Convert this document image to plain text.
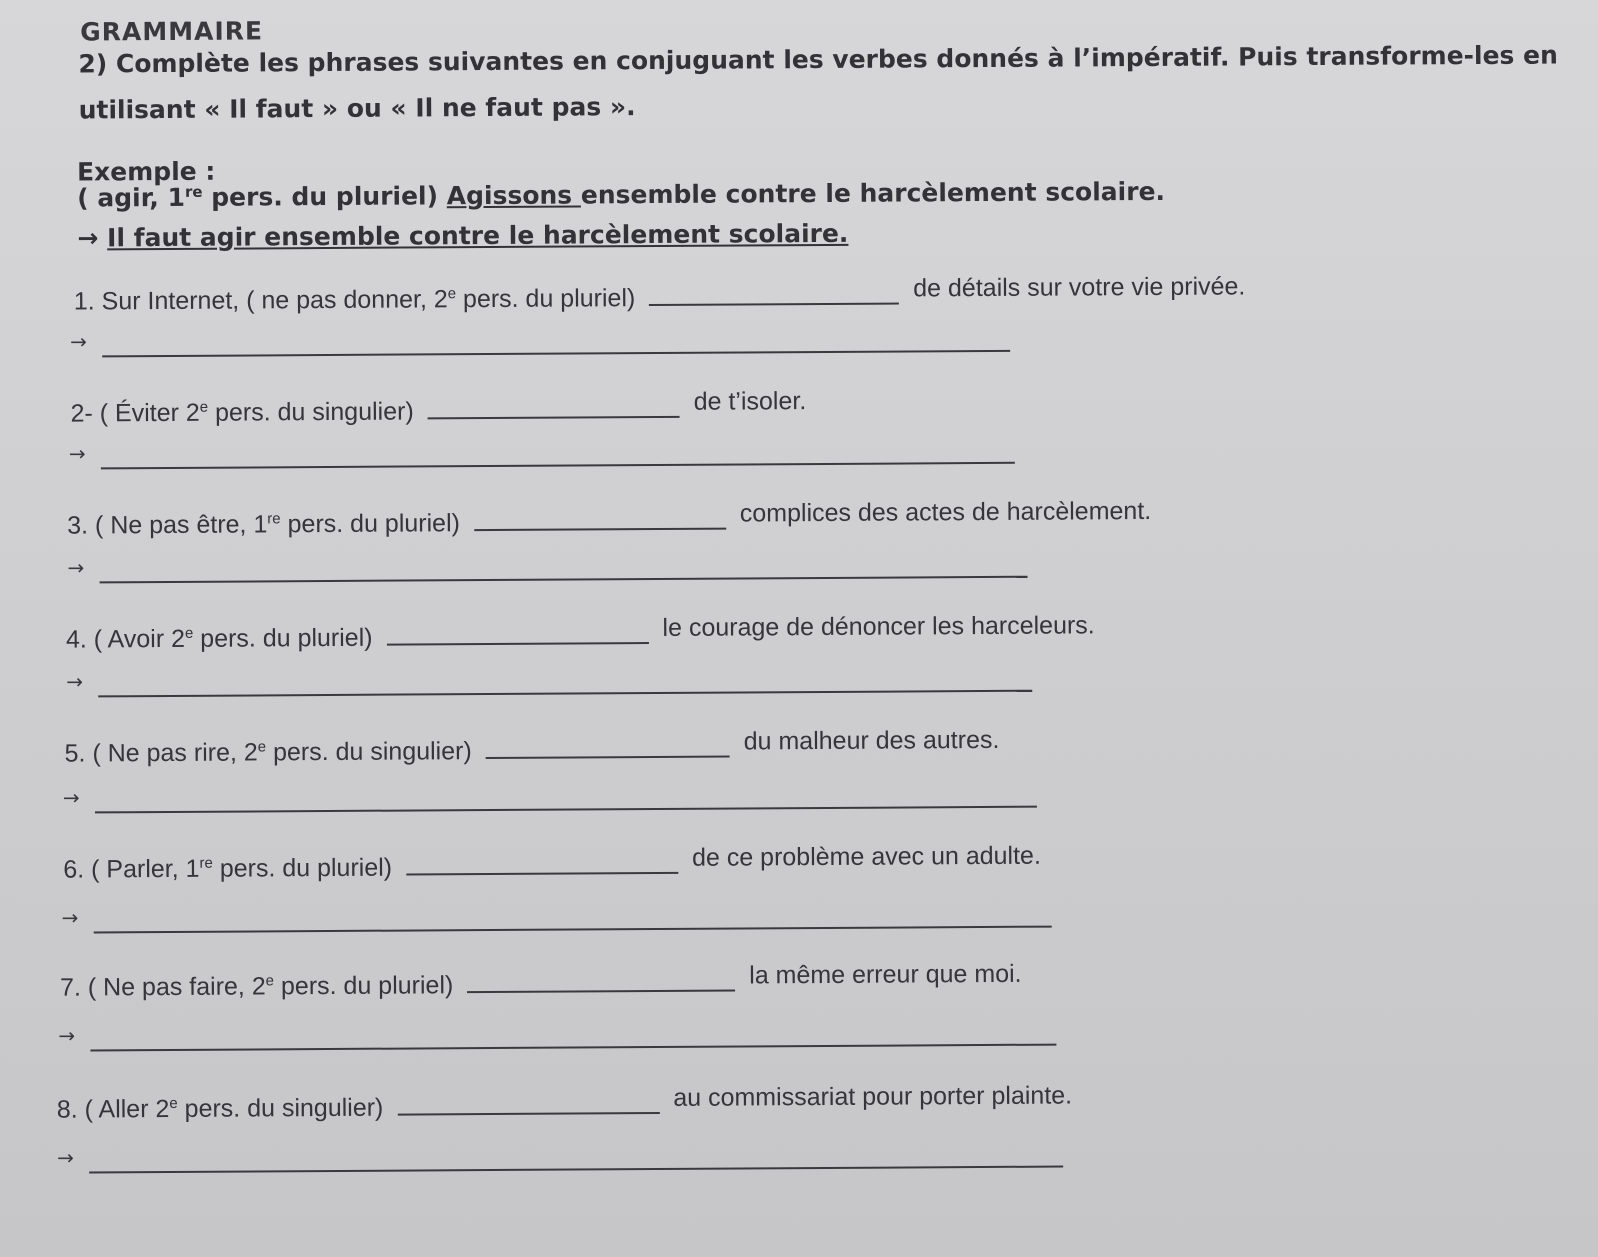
GRAMMAIRE
2) Complète les phrases suivantes en conjuguant les verbes donnés à l’impératif. Puis transforme-les en utilisant « Il faut » ou « Il ne faut pas ».
Exemple :
( agir, 1re pers. du pluriel) Agissons ensemble contre le harcèlement scolaire.
→ Il faut agir ensemble contre le harcèlement scolaire.
1. Sur Internet, ( ne pas donner, 2e pers. du pluriel)	de détails sur votre vie privée.
→
2- ( Éviter 2e pers. du singulier)	de t’isoler.
→
3. ( Ne pas être, 1re pers. du pluriel)	complices des actes de harcèlement.
→
4. ( Avoir 2e pers. du pluriel)	le courage de dénoncer les harceleurs.
→
5. ( Ne pas rire, 2e pers. du singulier)	du malheur des autres.
→
6. ( Parler, 1re pers. du pluriel)	de ce problème avec un adulte.
→
7. ( Ne pas faire, 2e pers. du pluriel)	la même erreur que moi.
→
8. ( Aller 2e pers. du singulier)	au commissariat pour porter plainte.
→
